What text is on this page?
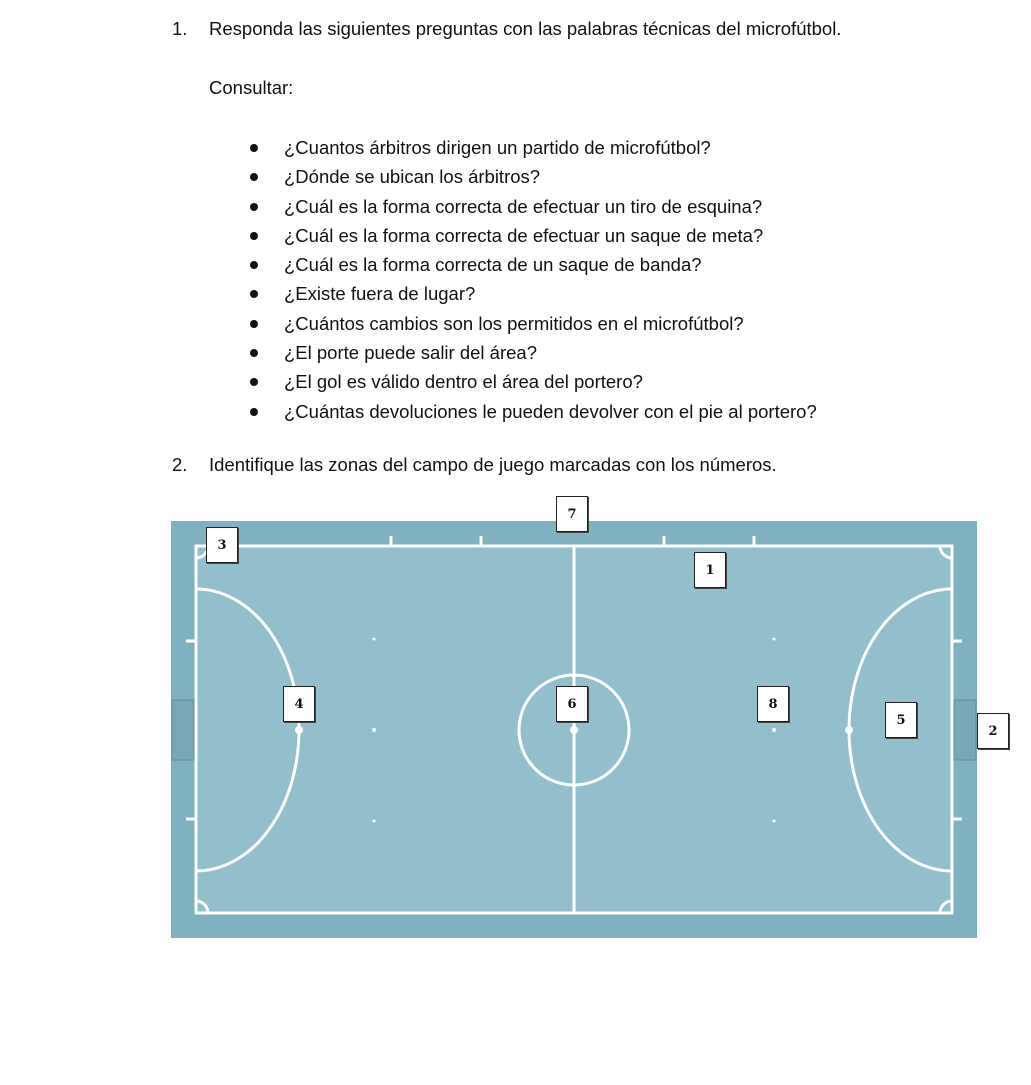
1. Responda las siguientes preguntas con las palabras técnicas del microfútbol.
Consultar:
¿Cuantos árbitros dirigen un partido de microfútbol?
¿Dónde se ubican los árbitros?
¿Cuál es la forma correcta de efectuar un tiro de esquina?
¿Cuál es la forma correcta de efectuar un saque de meta?
¿Cuál es la forma correcta de un saque de banda?
¿Existe fuera de lugar?
¿Cuántos cambios son los permitidos en el microfútbol?
¿El porte puede salir del área?
¿El gol es válido dentro el área del portero?
¿Cuántas devoluciones le pueden devolver con el pie al portero?
2. Identifique las zonas del campo de juego marcadas con los números.
7
3
1
4	6	8
5
2
